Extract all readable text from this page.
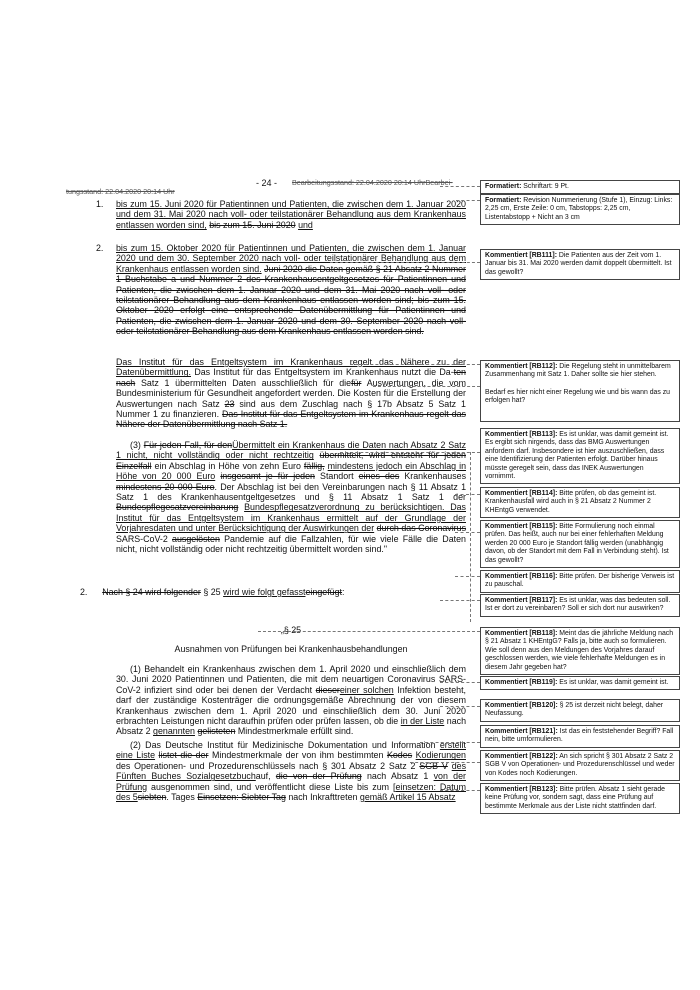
- 24 - Bearbeitungsstand: 22.04.2020 20:14 UhrBearbei-
tungsstand: 22.04.2020 20:14 Uhr
1. bis zum 15. Juni 2020 für Patientinnen und Patienten, die zwischen dem 1. Januar 2020 und dem 31. Mai 2020 nach voll- oder teilstationärer Behandlung aus dem Krankenhaus entlassen worden sind, bis zum 15. Juni 2020 und
2. bis zum 15. Oktober 2020 für Patientinnen und Patienten, die zwischen dem 1. Januar 2020 und dem 30. September 2020 nach voll- oder teilstationärer Behandlung aus dem Krankenhaus entlassen worden sind. Juni 2020 die Daten gemäß § 21 Absatz 2 Nummer 1 Buchstabe a und Nummer 2 des Krankenhausentgeltgesetzes für Patientinnen und Patienten, die zwischen dem 1. Januar 2020 und dem 31. Mai 2020 nach voll- oder teilstationärer Behandlung aus dem Krankenhaus entlassen worden sind; bis zum 15. Oktober 2020 erfolgt eine entsprechende Datenübermittlung für Patientinnen und Patienten, die zwischen dem 1. Januar 2020 und dem 30. September 2020 nach voll- oder teilstationärer Behandlung aus dem Krankenhaus entlassen worden sind.
Das Institut für das Entgeltsystem im Krankenhaus regelt das Nähere zu der Datenübermittlung. Das Institut für das Entgeltsystem im Krankenhaus nutzt die Da-ten nach Satz 1 übermittelten Daten ausschließlich für diefür Auswertungen, die vom Bundesministerium für Gesundheit angefordert werden. Die Kosten für die Erstellung der Auswertungen nach Satz 23 sind aus dem Zuschlag nach § 17b Absatz 5 Satz 1 Nummer 1 zu finanzieren. Das Institut für das Entgeltsystem im Krankenhaus regelt das Nähere der Datenübermittlung nach Satz 1.
(3) Für jeden Fall, für denÜbermittelt ein Krankenhaus die Daten nach Absatz 2 Satz 1 nicht, nicht vollständig oder nicht rechtzeitig übermittelt, wird entsteht für jeden Einzelfall ein Abschlag in Höhe von zehn Euro fällig, mindestens jedoch ein Abschlag in Höhe von 20 000 Euro insgesamt je für jeden Standort eines des Krankenhauses mindestens 20 000 Euro. Der Abschlag ist bei den Vereinbarungen nach § 11 Absatz 1 Satz 1 des Krankenhausentgeltgesetzes und § 11 Absatz 1 Satz 1 der Bundespflegesatzvereinbarung Bundespflegesatzverordnung zu berücksichtigen. Das Institut für das Entgeltsystem im Krankenhaus ermittelt auf der Grundlage der Vorjahresdaten und unter Berücksichtigung der Auswirkungen der durch das Coronavirus SARS-CoV-2 ausgelösten Pandemie auf die Fallzahlen, für wie viele Fälle die Daten nicht, nicht vollständig oder nicht rechtzeitig übermittelt worden sind."
2. Nach § 24 wird folgender § 25 wird wie folgt gefassteingefügt:
„§ 25
Ausnahmen von Prüfungen bei Krankenhausbehandlungen
(1) Behandelt ein Krankenhaus zwischen dem 1. April 2020 und einschließlich dem 30. Juni 2020 Patientinnen und Patienten, die mit dem neuartigen Coronavirus SARS-CoV-2 infiziert sind oder bei denen der Verdacht diesereiner solchen Infektion besteht, darf der zuständige Kostenträger die ordnungsgemäße Abrechnung der von diesem Krankenhaus zwischen dem 1. April 2020 und einschließlich dem 30. Juni 2020 erbrachten Leistungen nicht daraufhin prüfen oder prüfen lassen, ob die in der Liste nach Absatz 2 genannten gelisteten Mindestmerkmale erfüllt sind.
(2) Das Deutsche Institut für Medizinische Dokumentation und Information erstellt eine Liste listet die der Mindestmerkmale der von ihm bestimmten Kodes Kodierungen des Operationen- und Prozedurenschlüssels nach § 301 Absatz 2 Satz 2 SGB V des Fünften Buches Sozialgesetzbuchauf, die von der Prüfung nach Absatz 1 von der Prüfung ausgenommen sind, und veröffentlicht diese Liste bis zum [einsetzen: Datum des 5siebten. Tages Einsetzen: Siebter Tag nach Inkrafttreten gemäß Artikel 15 Absatz
Formatiert: Schriftart: 9 Pt.
Formatiert: Revision Nummerierung (Stufe 1), Einzug: Links: 2,25 cm, Erste Zeile: 0 cm, Tabstopps: 2,25 cm, Listentabstopp + Nicht an 3 cm
Kommentiert [RB111]: Die Patienten aus der Zeit vom 1. Januar bis 31. Mai 2020 werden damit doppelt übermittelt. Ist das gewollt?
Kommentiert [RB112]: Die Regelung steht in unmittelbarem Zusammenhang mit Satz 1. Daher sollte sie hier stehen.
Bedarf es hier nicht einer Regelung wie und bis wann das zu erfolgen hat?
Kommentiert [RB113]: Es ist unklar, was damit gemeint ist. Es ergibt sich nirgends, dass das BMG Auswertungen anfordern darf. Insbesondere ist hier auszuschließen, dass eine Identifizierung der Patienten erfolgt. Darüber hinaus müsste geregelt sein, dass das INEK Auswertungen vornimmt.
Kommentiert [RB114]: Bitte prüfen, ob das gemeint ist. Krankenhausfall wird auch in § 21 Absatz 2 Nummer 2 KHEntgG verwendet.
Kommentiert [RB115]: Bitte Formulierung noch einmal prüfen. Das heißt, auch nur bei einer fehlerhaften Meldung werden 20 000 Euro je Standort fällig werden (unabhängig davon, ob der Standort mit dem Fall in Verbindung steht). Ist das gewollt?
Kommentiert [RB116]: Bitte prüfen. Der bisherige Verweis ist zu pauschal.
Kommentiert [RB117]: Es ist unklar, was das bedeuten soll. Ist er dort zu vereinbaren? Soll er sich dort nur auswirken?
Kommentiert [RB118]: Meint das die jährliche Meldung nach § 21 Absatz 1 KHEntgG? Falls ja, bitte auch so formulieren. Wie soll denn aus den Meldungen des Vorjahres darauf geschlossen werden, wie viele fehlerhafte Meldungen es in diesem Jahr gegeben hat?
Kommentiert [RB119]: Es ist unklar, was damit gemeint ist.
Kommentiert [RB120]: § 25 ist derzeit nicht belegt, daher Neufassung.
Kommentiert [RB121]: Ist das ein feststehender Begriff? Fall nein, bitte umformulieren.
Kommentiert [RB122]: An sich spricht § 301 Absatz 2 Satz 2 SGB V von Operationen- und Prozedurenschlüssel und weder von Kodes noch Kodierungen.
Kommentiert [RB123]: Bitte prüfen. Absatz 1 sieht gerade keine Prüfung vor, sondern sagt, dass eine Prüfung auf bestimmte Merkmale aus der Liste nicht stattfinden darf.
